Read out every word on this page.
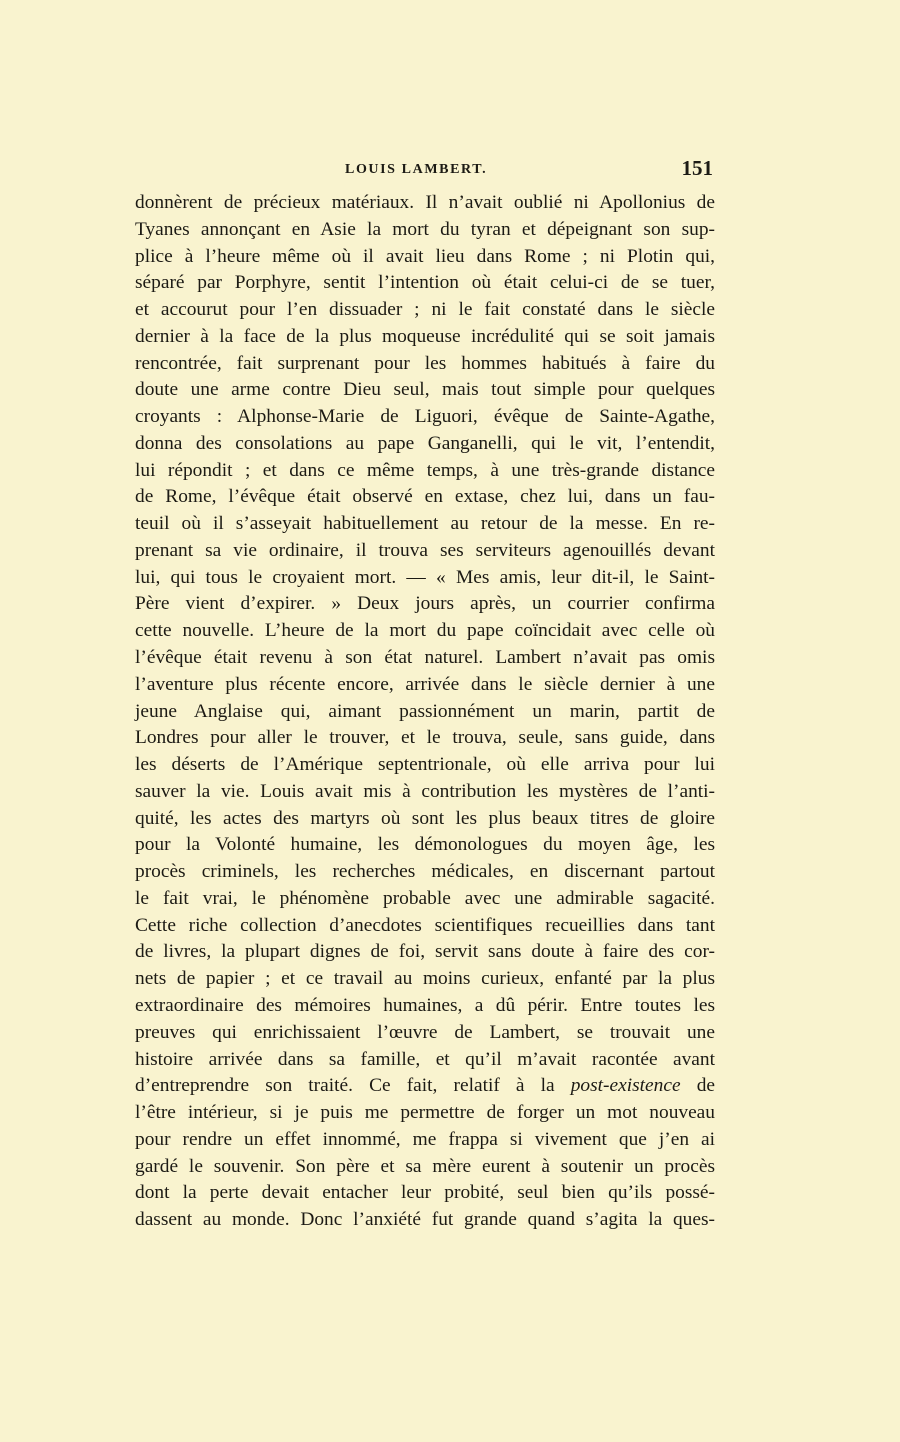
LOUIS LAMBERT.	151
donnèrent de précieux matériaux. Il n’avait oublié ni Apollonius de
Tyanes annonçant en Asie la mort du tyran et dépeignant son sup-
plice à l’heure même où il avait lieu dans Rome ; ni Plotin qui,
séparé par Porphyre, sentit l’intention où était celui-ci de se tuer,
et accourut pour l’en dissuader ; ni le fait constaté dans le siècle
dernier à la face de la plus moqueuse incrédulité qui se soit jamais
rencontrée, fait surprenant pour les hommes habitués à faire du
doute une arme contre Dieu seul, mais tout simple pour quelques
croyants : Alphonse-Marie de Liguori, évêque de Sainte-Agathe,
donna des consolations au pape Ganganelli, qui le vit, l’entendit,
lui répondit ; et dans ce même temps, à une très-grande distance
de Rome, l’évêque était observé en extase, chez lui, dans un fau-
teuil où il s’asseyait habituellement au retour de la messe. En re-
prenant sa vie ordinaire, il trouva ses serviteurs agenouillés devant
lui, qui tous le croyaient mort. — « Mes amis, leur dit-il, le Saint-
Père vient d’expirer. » Deux jours après, un courrier confirma
cette nouvelle. L’heure de la mort du pape coïncidait avec celle où
l’évêque était revenu à son état naturel. Lambert n’avait pas omis
l’aventure plus récente encore, arrivée dans le siècle dernier à une
jeune Anglaise qui, aimant passionnément un marin, partit de
Londres pour aller le trouver, et le trouva, seule, sans guide, dans
les déserts de l’Amérique septentrionale, où elle arriva pour lui
sauver la vie. Louis avait mis à contribution les mystères de l’anti-
quité, les actes des martyrs où sont les plus beaux titres de gloire
pour la Volonté humaine, les démonologues du moyen âge, les
procès criminels, les recherches médicales, en discernant partout
le fait vrai, le phénomène probable avec une admirable sagacité.
Cette riche collection d’anecdotes scientifiques recueillies dans tant
de livres, la plupart dignes de foi, servit sans doute à faire des cor-
nets de papier ; et ce travail au moins curieux, enfanté par la plus
extraordinaire des mémoires humaines, a dû périr. Entre toutes les
preuves qui enrichissaient l’œuvre de Lambert, se trouvait une
histoire arrivée dans sa famille, et qu’il m’avait racontée avant
d’entreprendre son traité. Ce fait, relatif à la post-existence de
l’être intérieur, si je puis me permettre de forger un mot nouveau
pour rendre un effet innommé, me frappa si vivement que j’en ai
gardé le souvenir. Son père et sa mère eurent à soutenir un procès
dont la perte devait entacher leur probité, seul bien qu’ils possé-
dassent au monde. Donc l’anxiété fut grande quand s’agita la ques-
